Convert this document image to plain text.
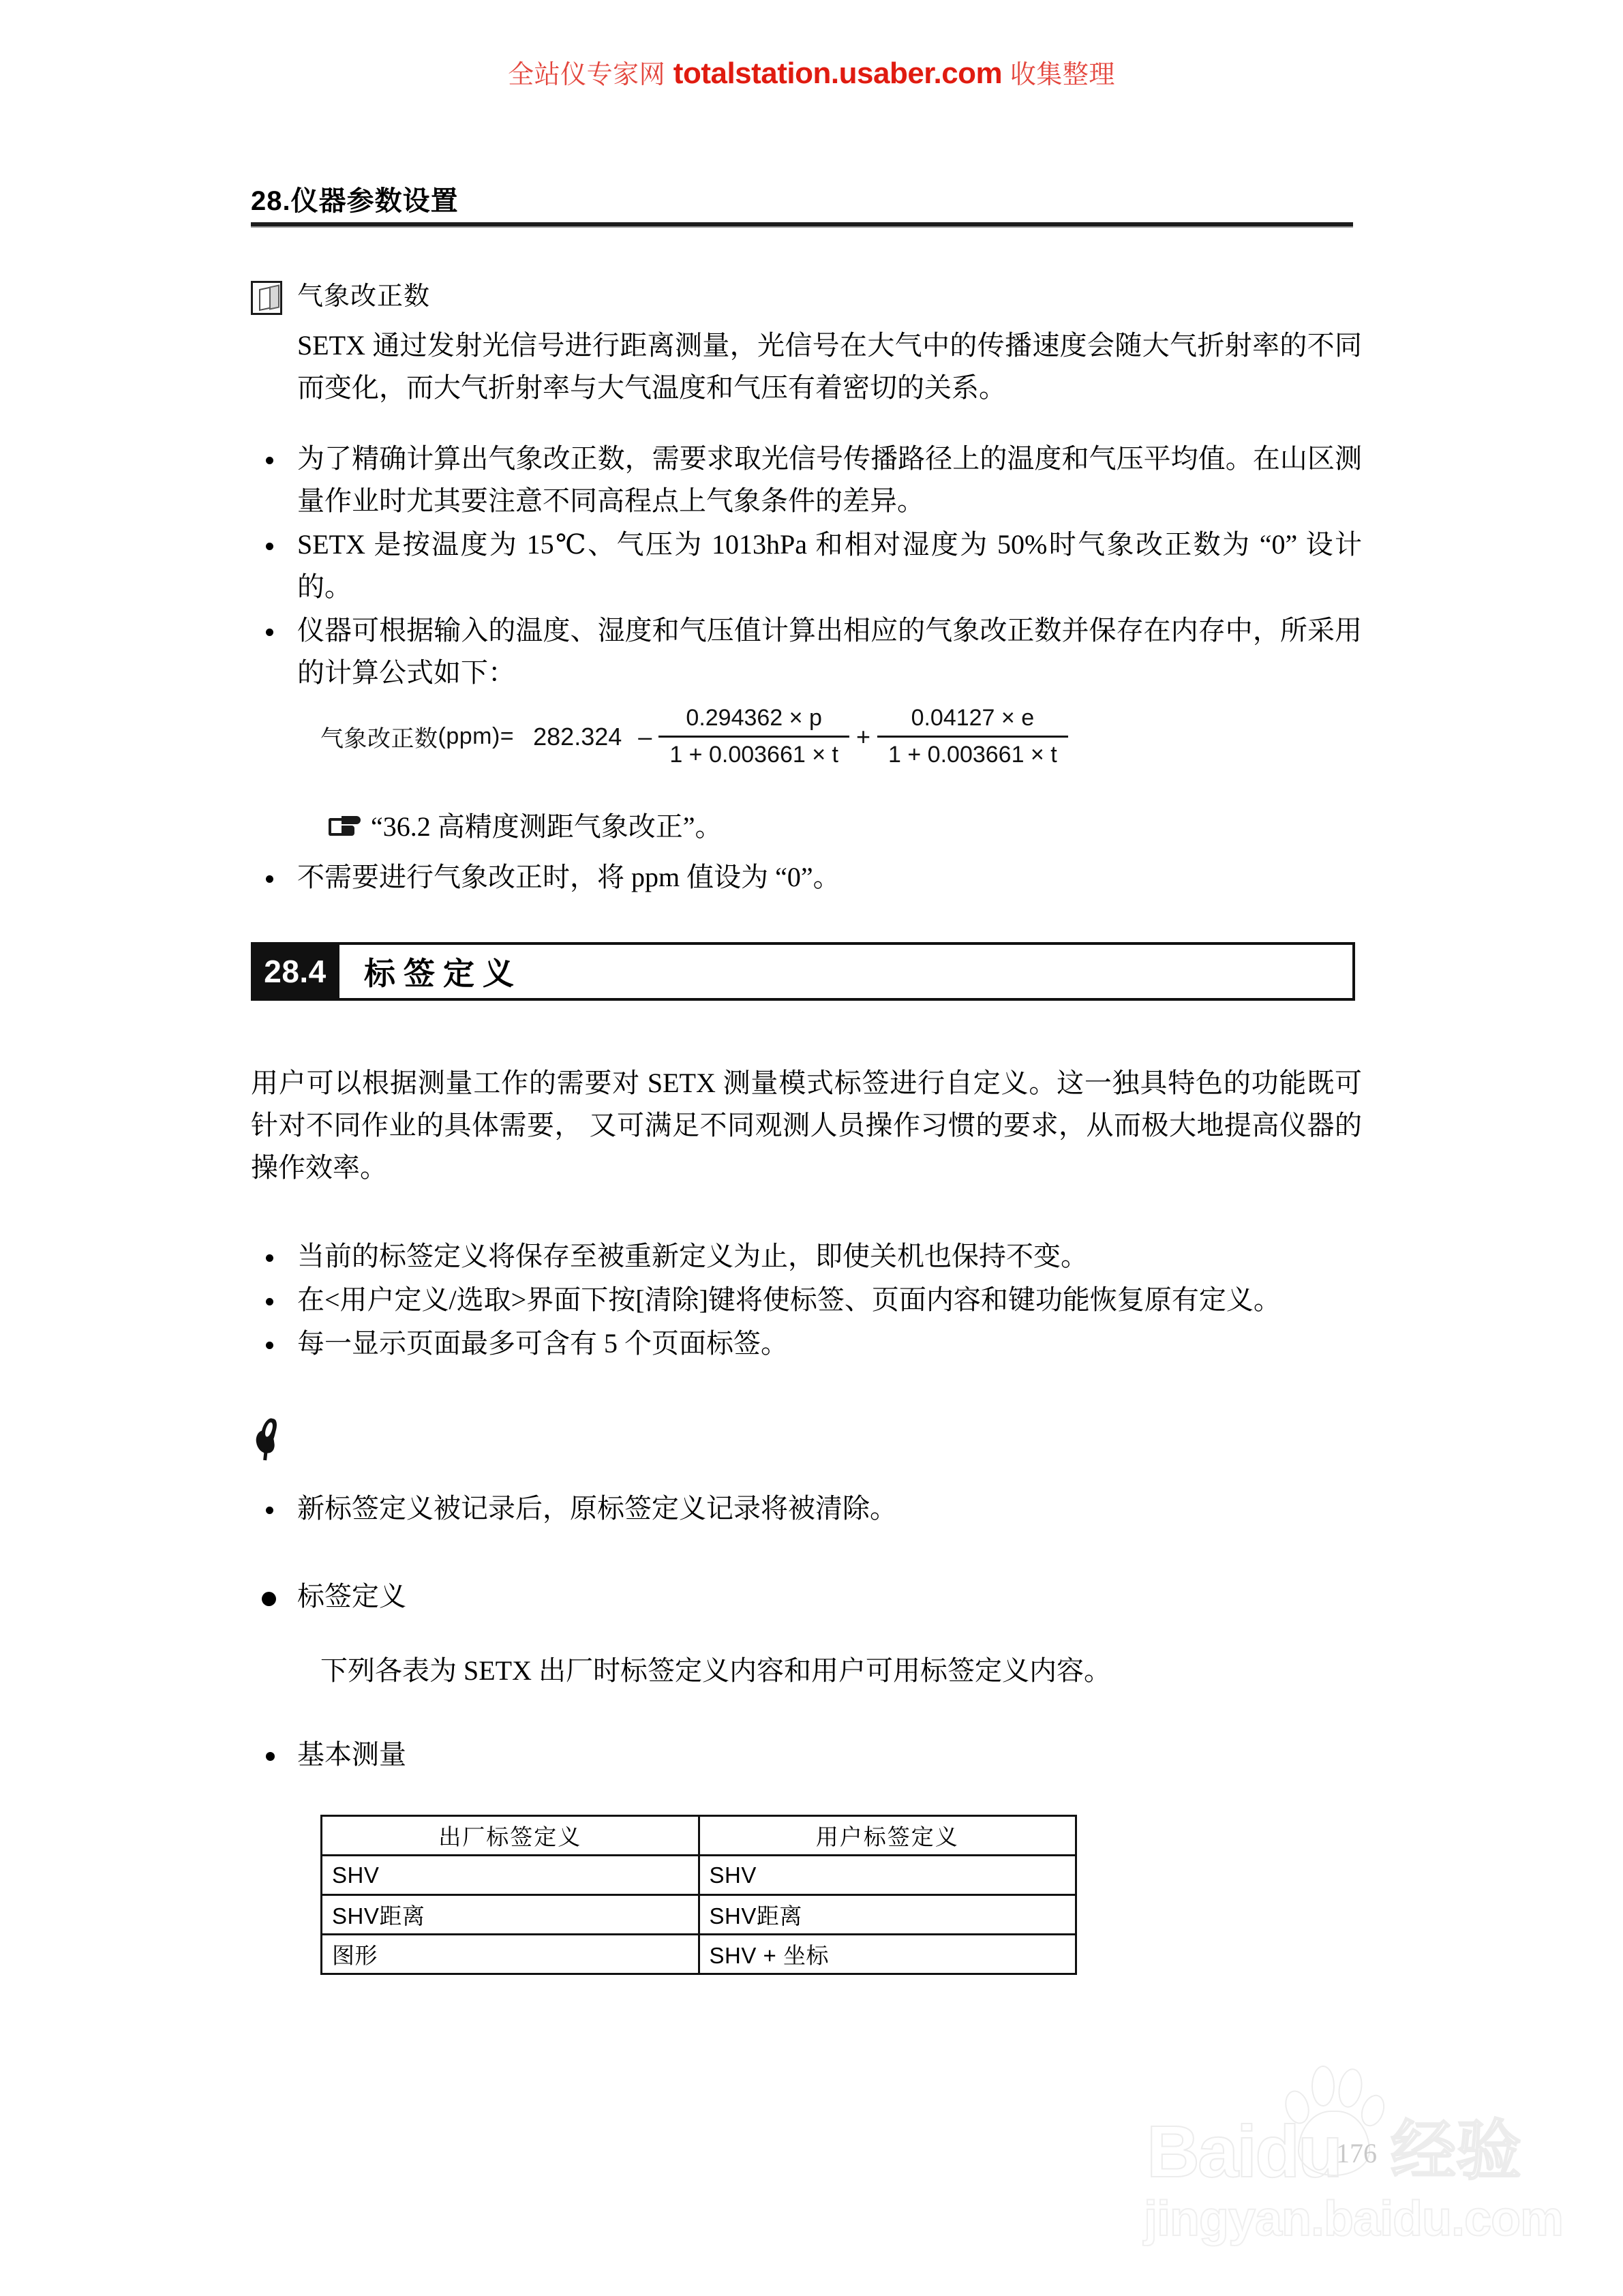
全站仪专家网 totalstation.usaber.com 收集整理
28.仪器参数设置
气象改正数
SETX 通过发射光信号进行距离测量，光信号在大气中的传播速度会随大气折射率的不同而变化，而大气折射率与大气温度和气压有着密切的关系。
为了精确计算出气象改正数，需要求取光信号传播路径上的温度和气压平均值。在山区测量作业时尤其要注意不同高程点上气象条件的差异。
SETX 是按温度为 15℃、气压为 1013hPa 和相对湿度为 50%时气象改正数为 “0” 设计的。
仪器可根据输入的温度、湿度和气压值计算出相应的气象改正数并保存在内存中，所采用的计算公式如下：
气象改正数 $(ppm)= 282.324 - \frac{0.294362 \times p}{1 + 0.003661 \times t} + \frac{0.04127 \times e}{1 + 0.003661 \times t}$
“36.2 高精度测距气象改正”。
不需要进行气象改正时，将 ppm 值设为 “0”。
28.4	标签定义
用户可以根据测量工作的需要对 SETX 测量模式标签进行自定义。这一独具特色的功能既可针对不同作业的具体需要， 又可满足不同观测人员操作习惯的要求，从而极大地提高仪器的操作效率。
当前的标签定义将保存至被重新定义为止，即使关机也保持不变。
在<用户定义/选取>界面下按[清除]键将使标签、页面内容和键功能恢复原有定义。
每一显示页面最多可含有 5 个页面标签。
新标签定义被记录后，原标签定义记录将被清除。
标签定义
下列各表为 SETX 出厂时标签定义内容和用户可用标签定义内容。
基本测量
出厂标签定义	用户标签定义
SHV	SHV
SHV距离	SHV距离
图形	SHV + 坐标
Baidu 经验
jingyan.baidu.com
176
